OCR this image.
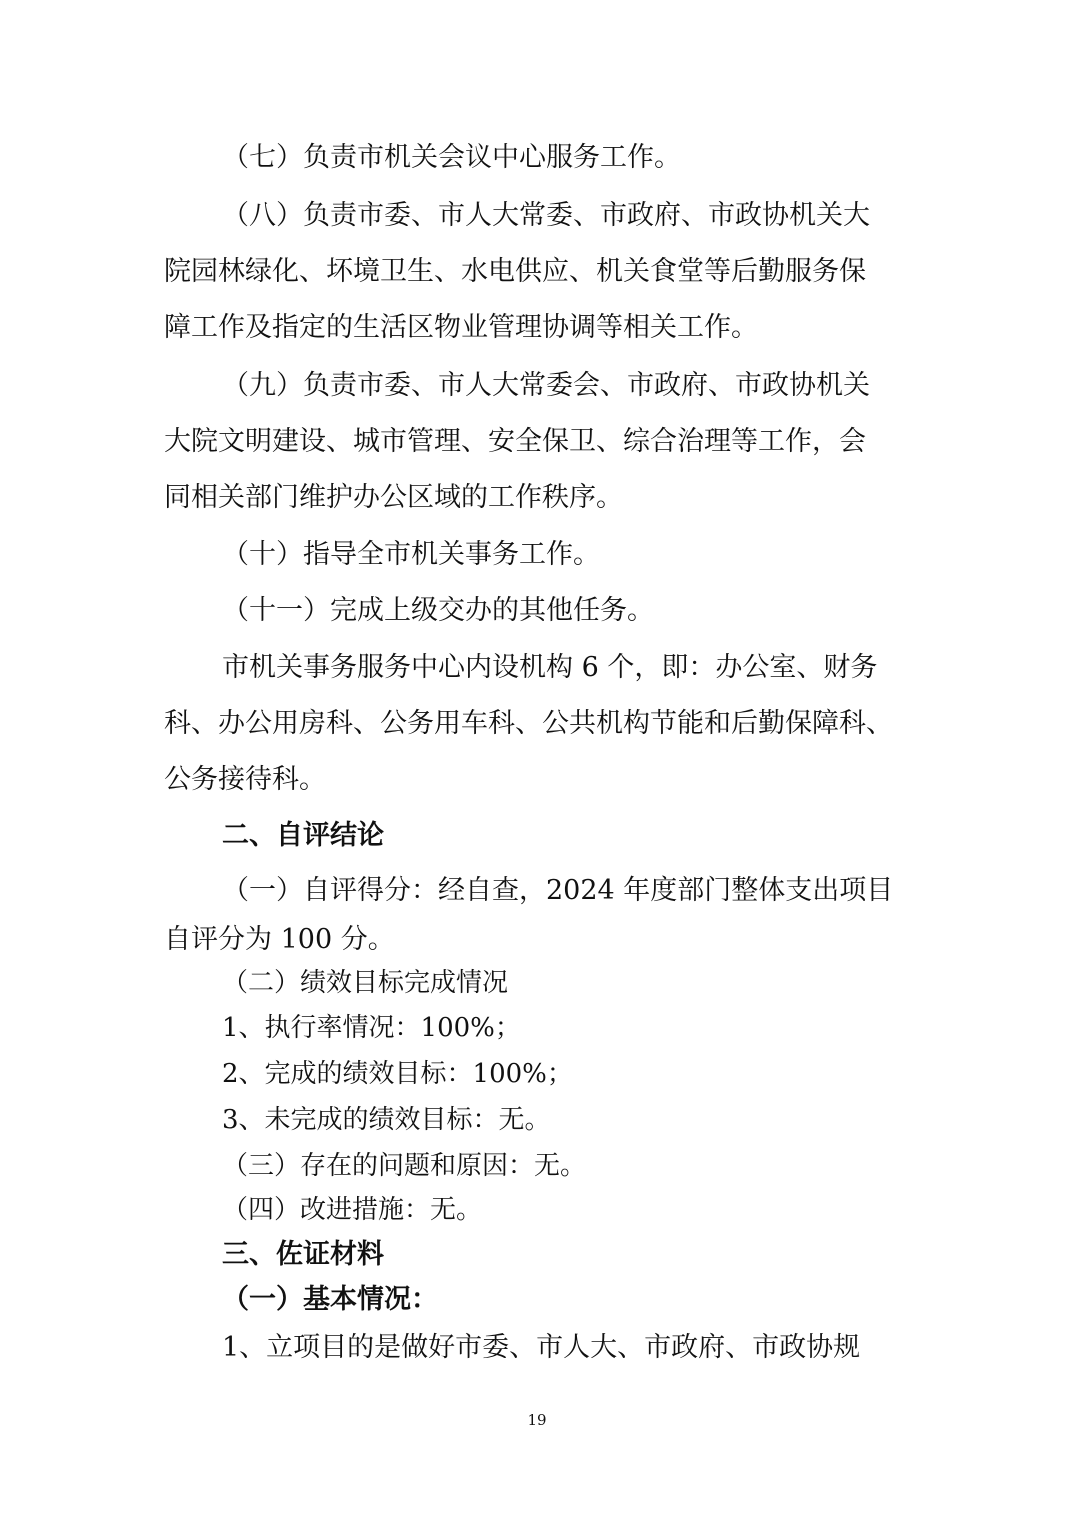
（七）负责市机关会议中心服务工作。
（八）负责市委、市人大常委、市政府、市政协机关大
院园林绿化、坏境卫生、水电供应、机关食堂等后勤服务保
障工作及指定的生活区物业管理协调等相关工作。
（九）负责市委、市人大常委会、市政府、市政协机关
大院文明建设、城市管理、安全保卫、综合治理等工作，会
同相关部门维护办公区域的工作秩序。
（十）指导全市机关事务工作。
（十一）完成上级交办的其他任务。
市机关事务服务中心内设机构 6 个，即：办公室、财务
科、办公用房科、公务用车科、公共机构节能和后勤保障科、
公务接待科。
二、自评结论
（一）自评得分：经自查，2024 年度部门整体支出项目
自评分为 100 分。
（二）绩效目标完成情况
1、执行率情况：100%；
2、完成的绩效目标：100%；
3、未完成的绩效目标：无。
（三）存在的问题和原因：无。
（四）改进措施：无。
三、佐证材料
（一）基本情况：
1、立项目的是做好市委、市人大、市政府、市政协规
19
